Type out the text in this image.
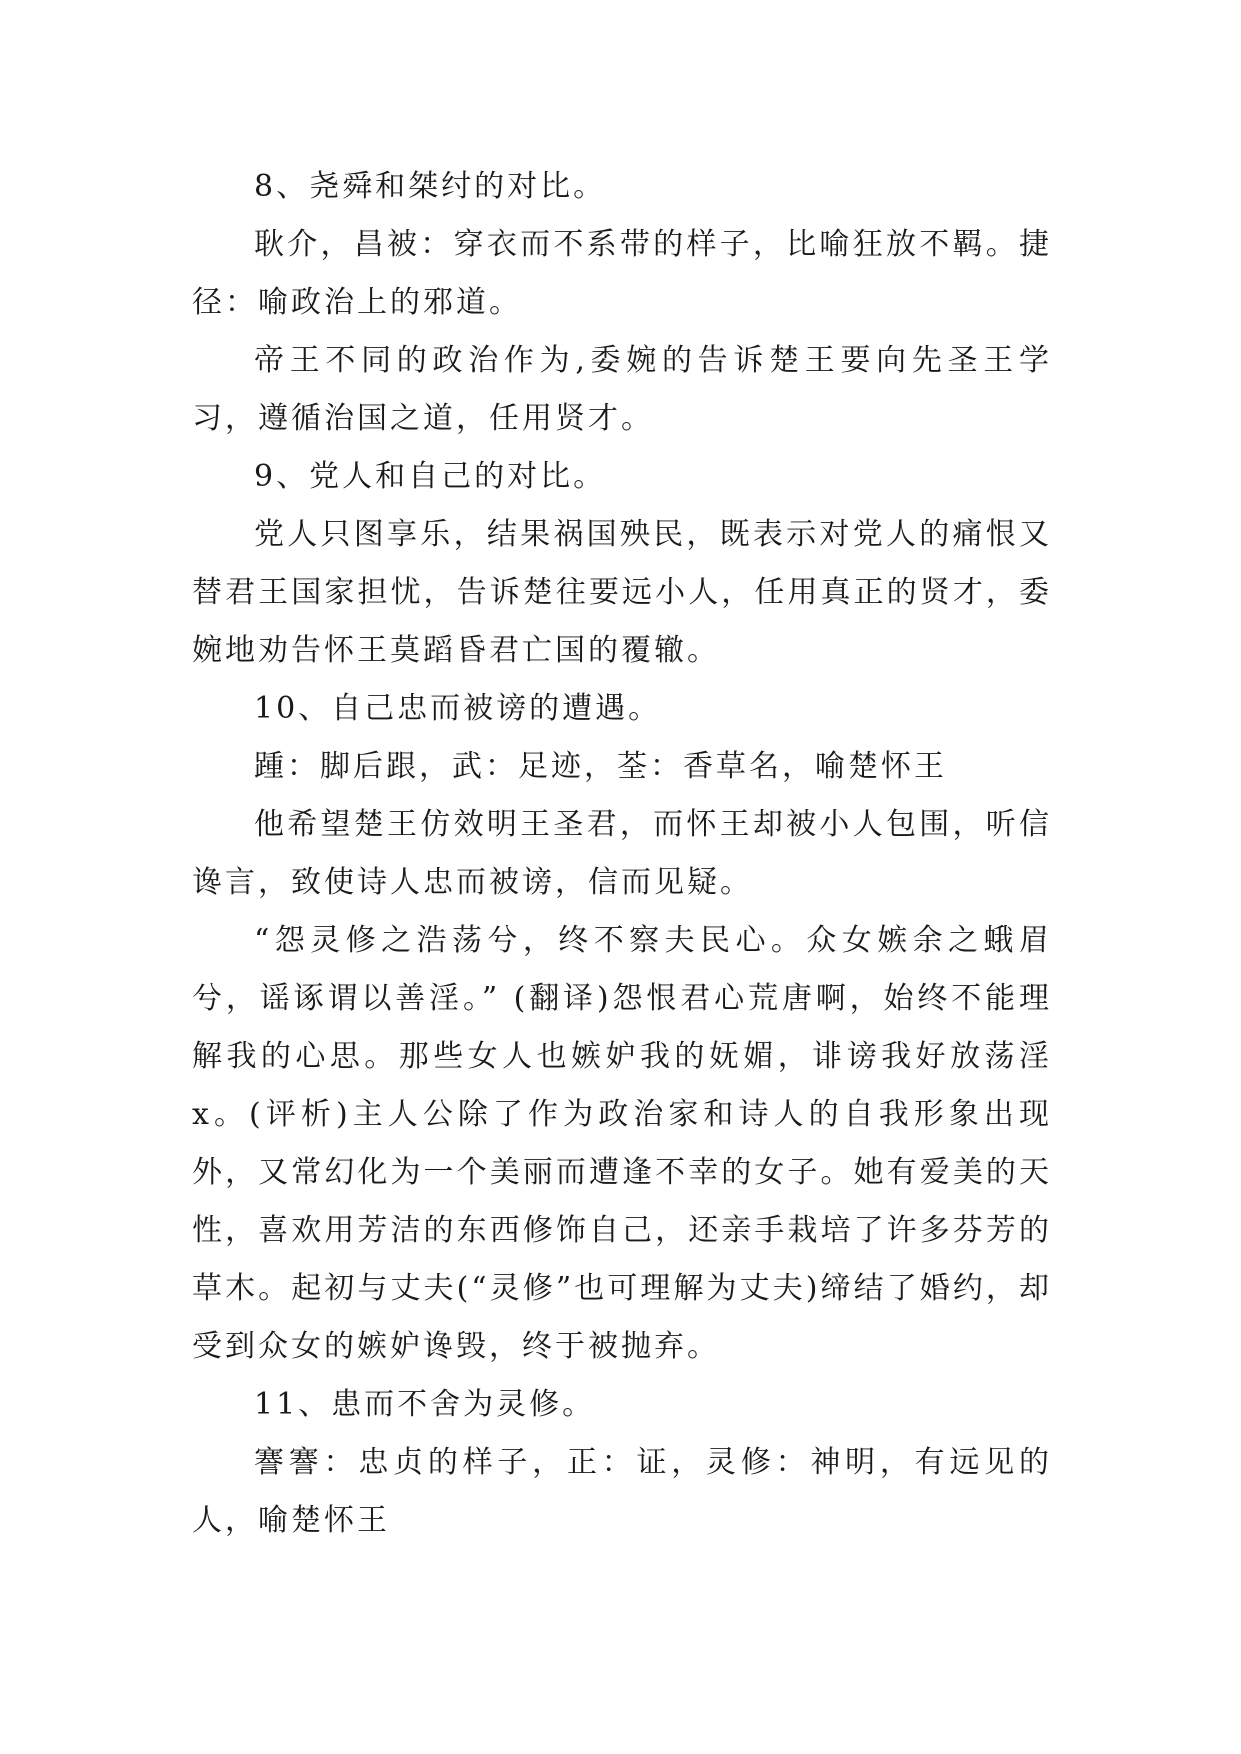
8、尧舜和桀纣的对比。

耿介，昌被：穿衣而不系带的样子，比喻狂放不羁。捷径：喻政治上的邪道。

帝王不同的政治作为,委婉的告诉楚王要向先圣王学习，遵循治国之道，任用贤才。

9、党人和自己的对比。

党人只图享乐，结果祸国殃民，既表示对党人的痛恨又替君王国家担忧，告诉楚往要远小人，任用真正的贤才，委婉地劝告怀王莫蹈昏君亡国的覆辙。

10、自己忠而被谤的遭遇。

踵：脚后跟，武：足迹，荃：香草名，喻楚怀王

他希望楚王仿效明王圣君，而怀王却被小人包围，听信谗言，致使诗人忠而被谤，信而见疑。

“怨灵修之浩荡兮，终不察夫民心。众女嫉余之蛾眉兮，谣诼谓以善淫。” (翻译)怨恨君心荒唐啊，始终不能理解我的心思。那些女人也嫉妒我的妩媚，诽谤我好放荡淫x。(评析)主人公除了作为政治家和诗人的自我形象出现外，又常幻化为一个美丽而遭逢不幸的女子。她有爱美的天性，喜欢用芳洁的东西修饰自己，还亲手栽培了许多芬芳的草木。起初与丈夫(“灵修”也可理解为丈夫)缔结了婚约，却受到众女的嫉妒谗毁，终于被抛弃。

11、患而不舍为灵修。

謇謇：忠贞的样子，正：证，灵修：神明，有远见的人，喻楚怀王
